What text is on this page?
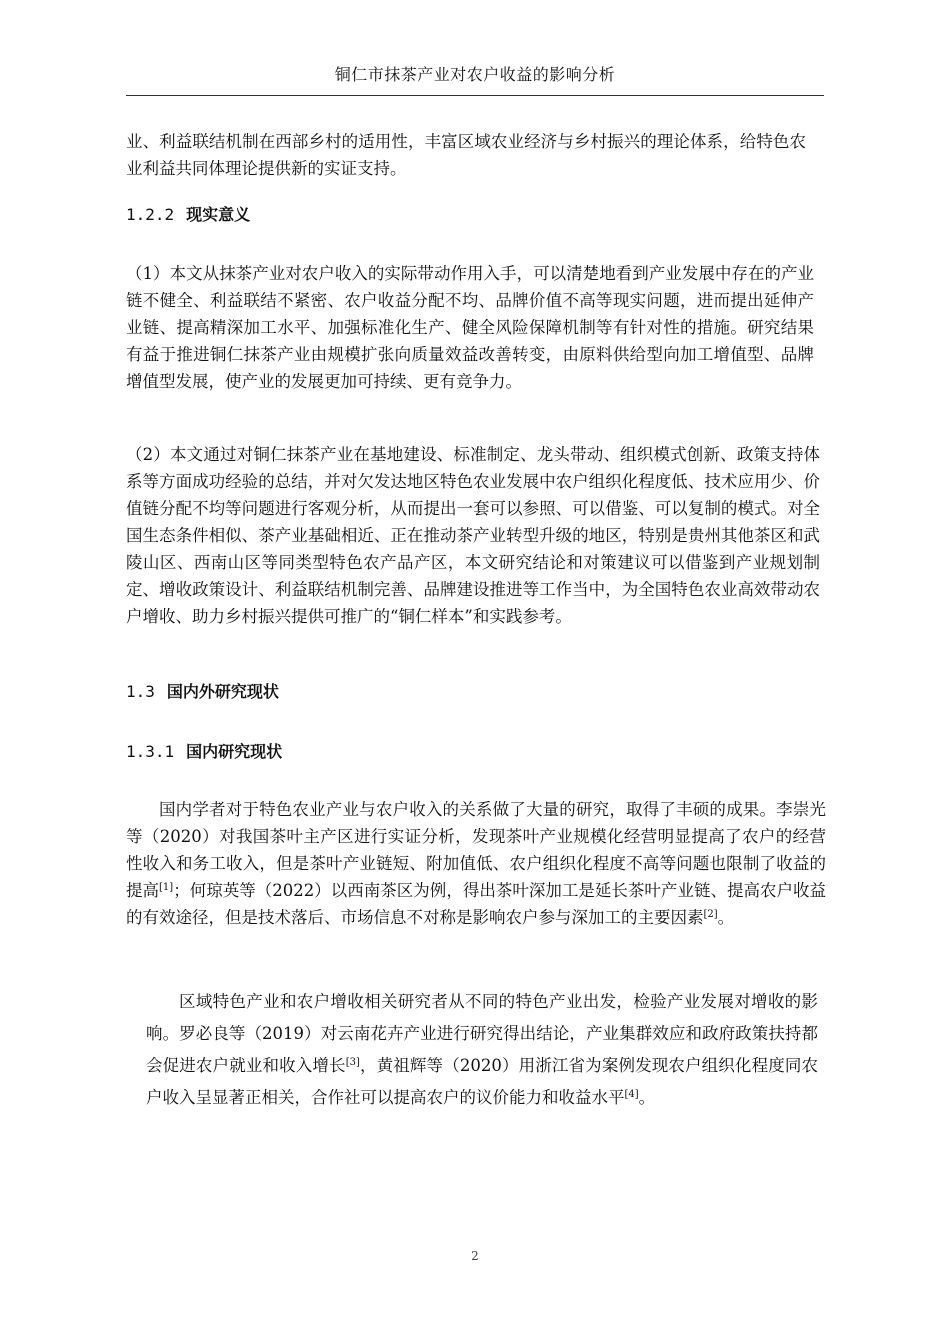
铜仁市抹茶产业对农户收益的影响分析

业、利益联结机制在西部乡村的适用性，丰富区域农业经济与乡村振兴的理论体系，给特色农业利益共同体理论提供新的实证支持。

1.2.2 现实意义

（1）本文从抹茶产业对农户收入的实际带动作用入手，可以清楚地看到产业发展中存在的产业链不健全、利益联结不紧密、农户收益分配不均、品牌价值不高等现实问题，进而提出延伸产业链、提高精深加工水平、加强标准化生产、健全风险保障机制等有针对性的措施。研究结果有益于推进铜仁抹茶产业由规模扩张向质量效益改善转变，由原料供给型向加工增值型、品牌增值型发展，使产业的发展更加可持续、更有竞争力。

（2）本文通过对铜仁抹茶产业在基地建设、标准制定、龙头带动、组织模式创新、政策支持体系等方面成功经验的总结，并对欠发达地区特色农业发展中农户组织化程度低、技术应用少、价值链分配不均等问题进行客观分析，从而提出一套可以参照、可以借鉴、可以复制的模式。对全国生态条件相似、茶产业基础相近、正在推动茶产业转型升级的地区，特别是贵州其他茶区和武陵山区、西南山区等同类型特色农产品产区，本文研究结论和对策建议可以借鉴到产业规划制定、增收政策设计、利益联结机制完善、品牌建设推进等工作当中，为全国特色农业高效带动农户增收、助力乡村振兴提供可推广的“铜仁样本”和实践参考。

1.3 国内外研究现状
1.3.1 国内研究现状

国内学者对于特色农业产业与农户收入的关系做了大量的研究，取得了丰硕的成果。李崇光等（2020）对我国茶叶主产区进行实证分析，发现茶叶产业规模化经营明显提高了农户的经营性收入和务工收入，但是茶叶产业链短、附加值低、农户组织化程度不高等问题也限制了收益的提高[1]；何琼英等（2022）以西南茶区为例，得出茶叶深加工是延长茶叶产业链、提高农户收益的有效途径，但是技术落后、市场信息不对称是影响农户参与深加工的主要因素[2]。

区域特色产业和农户增收相关研究者从不同的特色产业出发，检验产业发展对增收的影响。罗必良等（2019）对云南花卉产业进行研究得出结论，产业集群效应和政府政策扶持都会促进农户就业和收入增长[3]，黄祖辉等（2020）用浙江省为案例发现农户组织化程度同农户收入呈显著正相关，合作社可以提高农户的议价能力和收益水平[4]。

2
